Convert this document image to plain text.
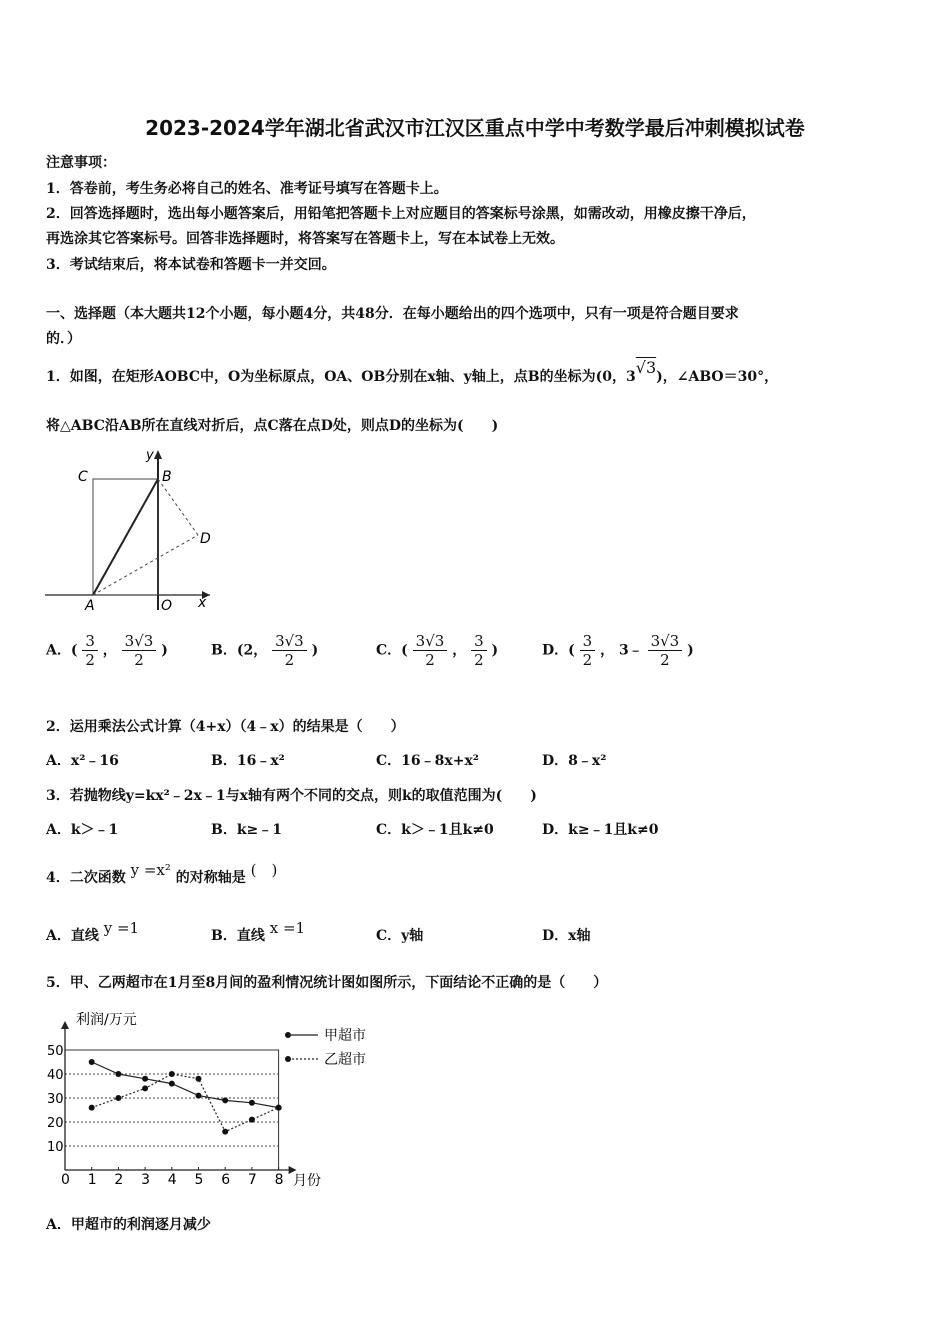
2023-2024学年湖北省武汉市江汉区重点中学中考数学最后冲刺模拟试卷
注意事项：
1．答卷前，考生务必将自己的姓名、准考证号填写在答题卡上。
2．回答选择题时，选出每小题答案后，用铅笔把答题卡上对应题目的答案标号涂黑，如需改动，用橡皮擦干净后，
再选涂其它答案标号。回答非选择题时，将答案写在答题卡上，写在本试卷上无效。
3．考试结束后，将本试卷和答题卡一并交回。
一、选择题（本大题共12个小题，每小题4分，共48分．在每小题给出的四个选项中，只有一项是符合题目要求
的．）
1．如图，在矩形AOBC中，O为坐标原点，OA、OB分别在x轴、y轴上，点B的坐标为(0，3√3)，∠ABO＝30°，
将△ABC沿AB所在直线对折后，点C落在点D处，则点D的坐标为(　　)
C	B
D
A	O x
y
A．( $\frac{3}{2}$ ， $\frac{3√3}{2}$ )	B．(2， $\frac{3√3}{2}$ )	C．( $\frac{3√3}{2}$ ， $\frac{3}{2}$ )	D．( $\frac{3}{2}$ ， 3﹣ $\frac{3√3}{2}$ )
2．运用乘法公式计算（4+x）（4﹣x）的结果是（　　）
A．x²﹣16	B．16﹣x²	C．16﹣8x+x²	D．8﹣x²
3．若抛物线y=kx²﹣2x﹣1与x轴有两个不同的交点，则k的取值范围为(　　)
A．k＞﹣1	B．k≥﹣1	C．k＞﹣1且k≠0	D．k≥﹣1且k≠0
4．二次函数 y =x² 的对称轴是 (　)
A．直线 y =1	B．直线 x =1	C．y轴	D．x轴
5．甲、乙两超市在1月至8月间的盈利情况统计图如图所示，下面结论不正确的是（　　）
利润/万元
月份
10
20
30
40
50
0 1 2 3 4 5 6 7 8
甲超市
乙超市
A．甲超市的利润逐月减少
